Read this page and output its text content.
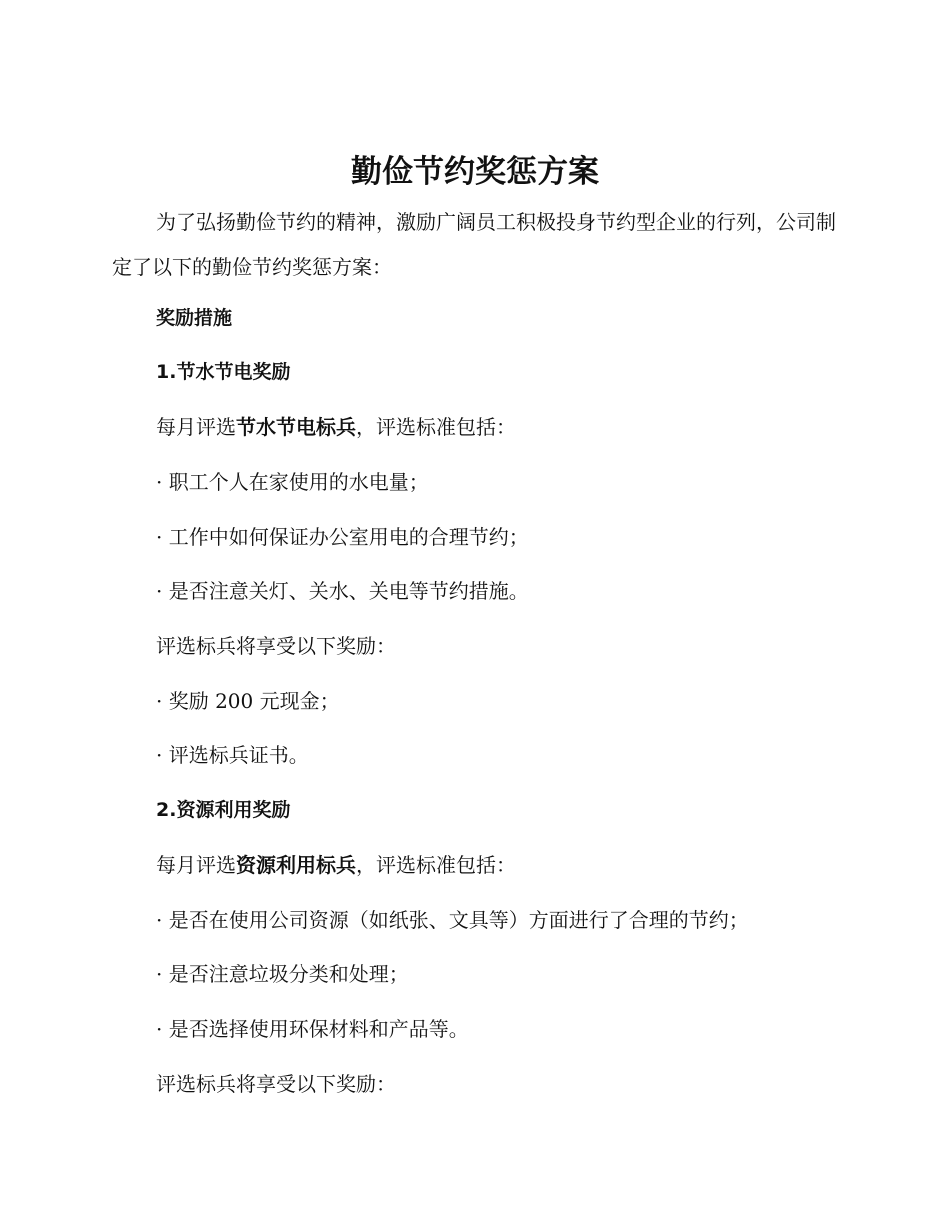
勤俭节约奖惩方案

为了弘扬勤俭节约的精神，激励广阔员工积极投身节约型企业的行列，公司制定了以下的勤俭节约奖惩方案：

奖励措施

1.节水节电奖励

每月评选节水节电标兵，评选标准包括：

· 职工个人在家使用的水电量；

· 工作中如何保证办公室用电的合理节约；

· 是否注意关灯、关水、关电等节约措施。

评选标兵将享受以下奖励：

· 奖励 200 元现金；

· 评选标兵证书。

2.资源利用奖励

每月评选资源利用标兵，评选标准包括：

· 是否在使用公司资源（如纸张、文具等）方面进行了合理的节约；

· 是否注意垃圾分类和处理；

· 是否选择使用环保材料和产品等。

评选标兵将享受以下奖励：
